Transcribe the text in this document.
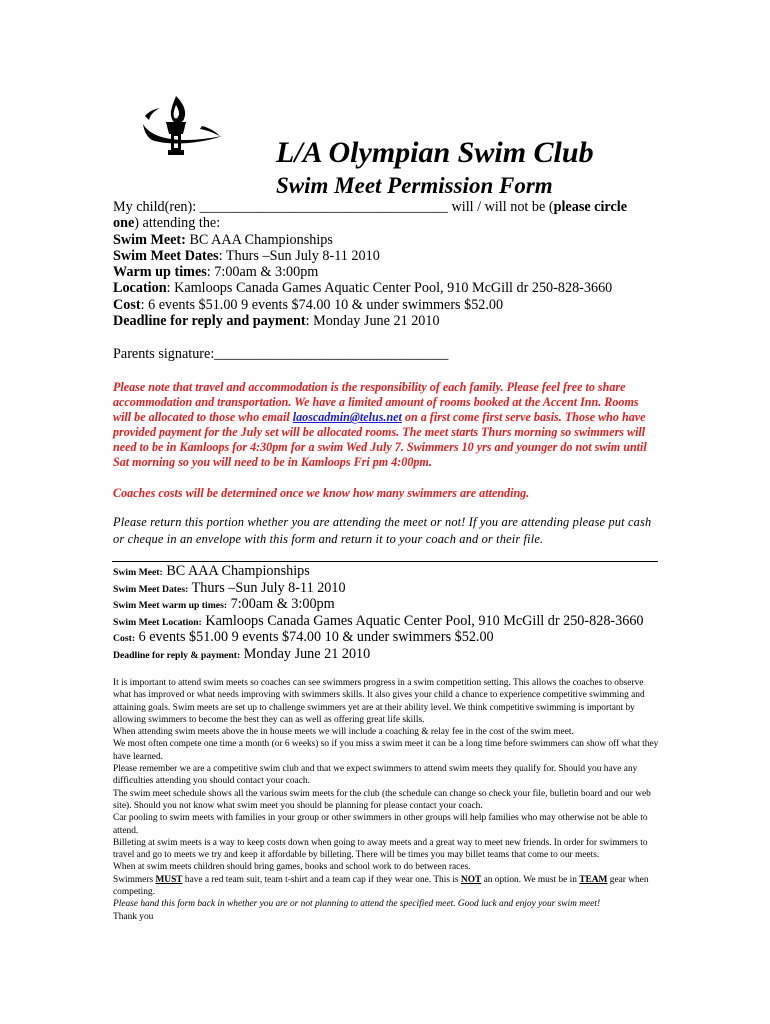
L/A Olympian Swim Club
Swim Meet Permission Form
My child(ren): ___________________________________ will / will not be (please circle one) attending the:
Swim Meet: BC AAA Championships
Swim Meet Dates: Thurs –Sun July 8-11 2010
Warm up times: 7:00am & 3:00pm
Location: Kamloops Canada Games Aquatic Center Pool, 910 McGill dr 250-828-3660
Cost: 6 events $51.00 9 events $74.00 10 & under swimmers $52.00
Deadline for reply and payment: Monday June 21 2010
Parents signature:_________________________________
Please note that travel and accommodation is the responsibility of each family. Please feel free to share accommodation and transportation. We have a limited amount of rooms booked at the Accent Inn. Rooms will be allocated to those who email laoscadmin@telus.net on a first come first serve basis. Those who have provided payment for the July set will be allocated rooms. The meet starts Thurs morning so swimmers will need to be in Kamloops for 4:30pm for a swim Wed July 7. Swimmers 10 yrs and younger do not swim until Sat morning so you will need to be in Kamloops Fri pm 4:00pm.
Coaches costs will be determined once we know how many swimmers are attending.
Please return this portion whether you are attending the meet or not! If you are attending please put cash or cheque in an envelope with this form and return it to your coach and or their file.
Swim Meet: BC AAA Championships
Swim Meet Dates: Thurs –Sun July 8-11 2010
Swim Meet warm up times: 7:00am & 3:00pm
Swim Meet Location: Kamloops Canada Games Aquatic Center Pool, 910 McGill dr 250-828-3660
Cost: 6 events $51.00 9 events $74.00 10 & under swimmers $52.00
Deadline for reply & payment: Monday June 21 2010

It is important to attend swim meets so coaches can see swimmers progress in a swim competition setting. This allows the coaches to observe what has improved or what needs improving with swimmers skills. It also gives your child a chance to experience competitive swimming and attaining goals. Swim meets are set up to challenge swimmers yet are at their ability level. We think competitive swimming is important by allowing swimmers to become the best they can as well as offering great life skills.

When attending swim meets above the in house meets we will include a coaching & relay fee in the cost of the swim meet.

We most often compete one time a month (or 6 weeks) so if you miss a swim meet it can be a long time before swimmers can show off what they have learned.

Please remember we are a competitive swim club and that we expect swimmers to attend swim meets they qualify for. Should you have any difficulties attending you should contact your coach.

The swim meet schedule shows all the various swim meets for the club (the schedule can change so check your file, bulletin board and our web site). Should you not know what swim meet you should be planning for please contact your coach.

Car pooling to swim meets with families in your group or other swimmers in other groups will help families who may otherwise not be able to attend.

Billeting at swim meets is a way to keep costs down when going to away meets and a great way to meet new friends. In order for swimmers to travel and go to meets we try and keep it affordable by billeting. There will be times you may billet teams that come to our meets.

When at swim meets children should bring games, books and school work to do between races.

Swimmers MUST have a red team suit, team t-shirt and a team cap if they wear one. This is NOT an option. We must be in TEAM gear when competing.

Please hand this form back in whether you are or not planning to attend the specified meet. Good luck and enjoy your swim meet!

Thank you
